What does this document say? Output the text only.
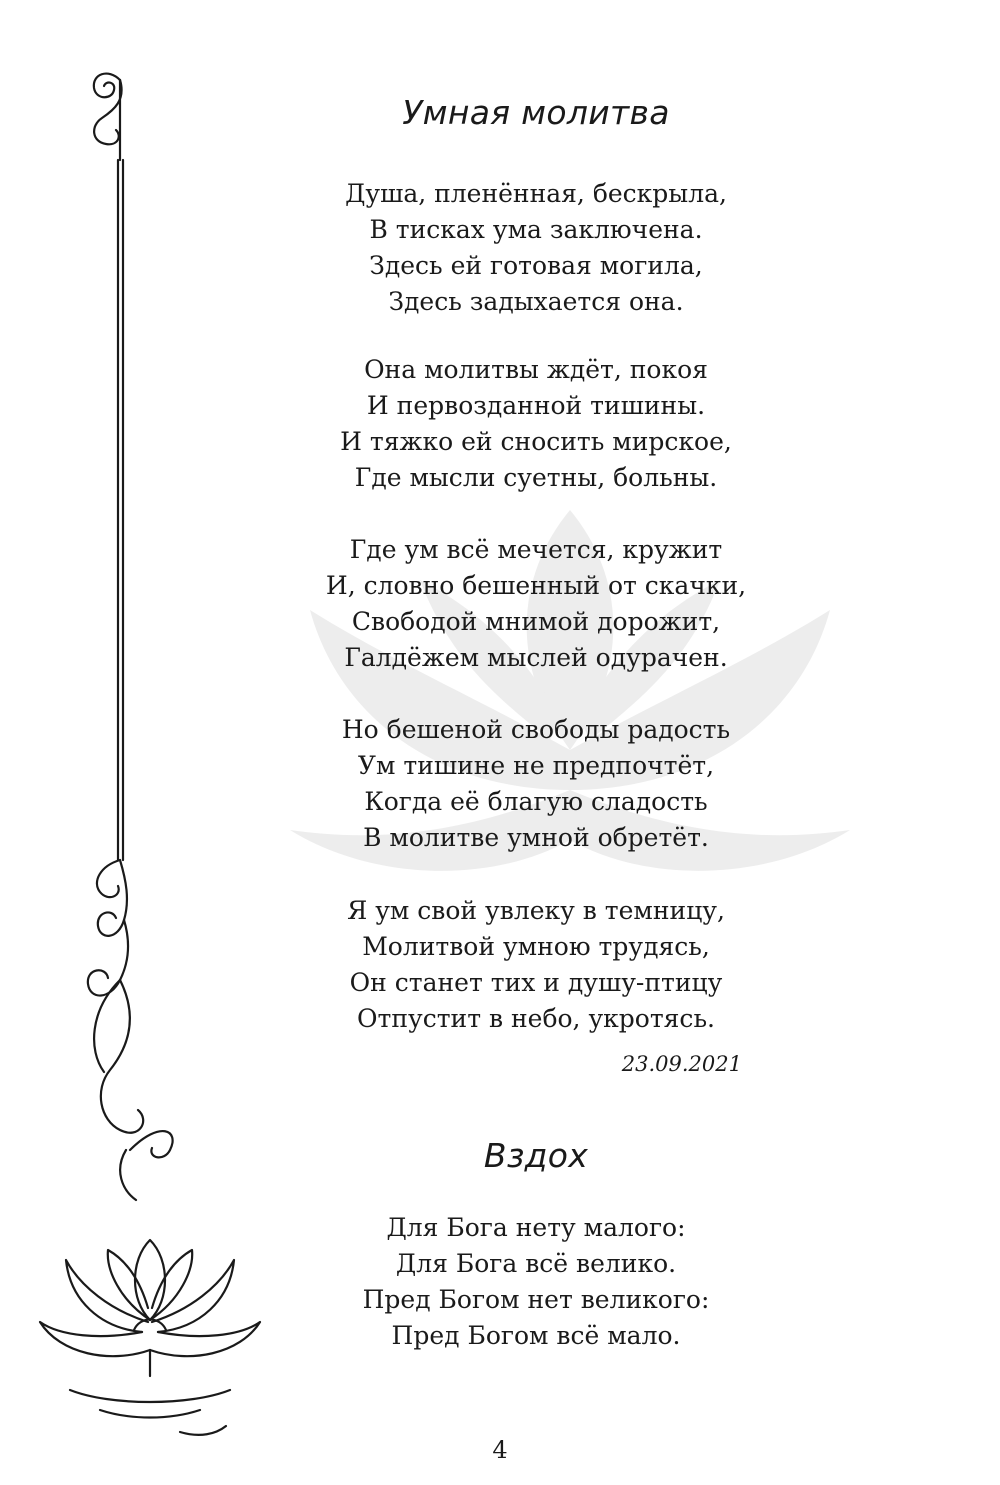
Умная молитва
Душа, пленённая, бескрыла,
В тисках ума заключена.
Здесь ей готовая могила,
Здесь задыхается она.
Она молитвы ждёт, покоя
И первозданной тишины.
И тяжко ей сносить мирское,
Где мысли суетны, больны.
Где ум всё мечется, кружит
И, словно бешенный от скачки,
Свободой мнимой дорожит,
Галдёжем мыслей одурачен.
Но бешеной свободы радость
Ум тишине не предпочтёт,
Когда её благую сладость
В молитве умной обретёт.
Я ум свой увлеку в темницу,
Молитвой умною трудясь,
Он станет тих и душу-птицу
Отпустит в небо, укротясь.
23.09.2021
Вздох
Для Бога нету малого:
Для Бога всё велико.
Пред Богом нет великого:
Пред Богом всё мало.
4
